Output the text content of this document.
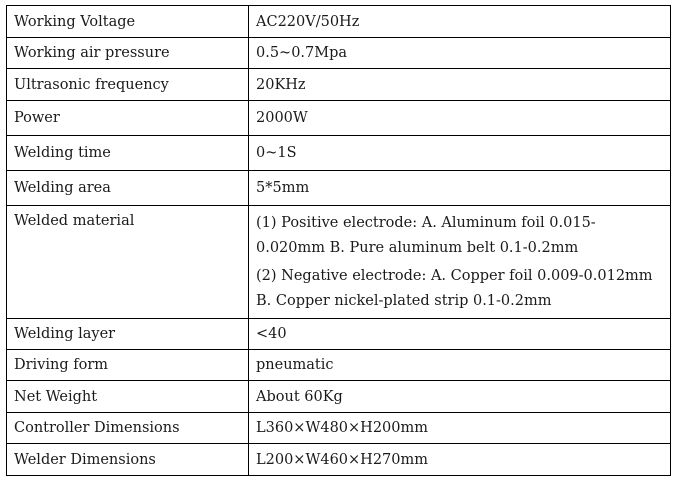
Working Voltage	AC220V/50Hz
Working air pressure	0.5~0.7Mpa
Ultrasonic frequency	20KHz
Power	2000W
Welding time	0~1S
Welding area	5*5mm
Welded material	(1) Positive electrode: A. Aluminum foil 0.015-0.020mm B. Pure aluminum belt 0.1-0.2mm

(2) Negative electrode: A. Copper foil 0.009-0.012mm B. Copper nickel-plated strip 0.1-0.2mm

Welding layer	<40
Driving form	pneumatic
Net Weight	About 60Kg
Controller Dimensions	L360×W480×H200mm
Welder Dimensions	L200×W460×H270mm
